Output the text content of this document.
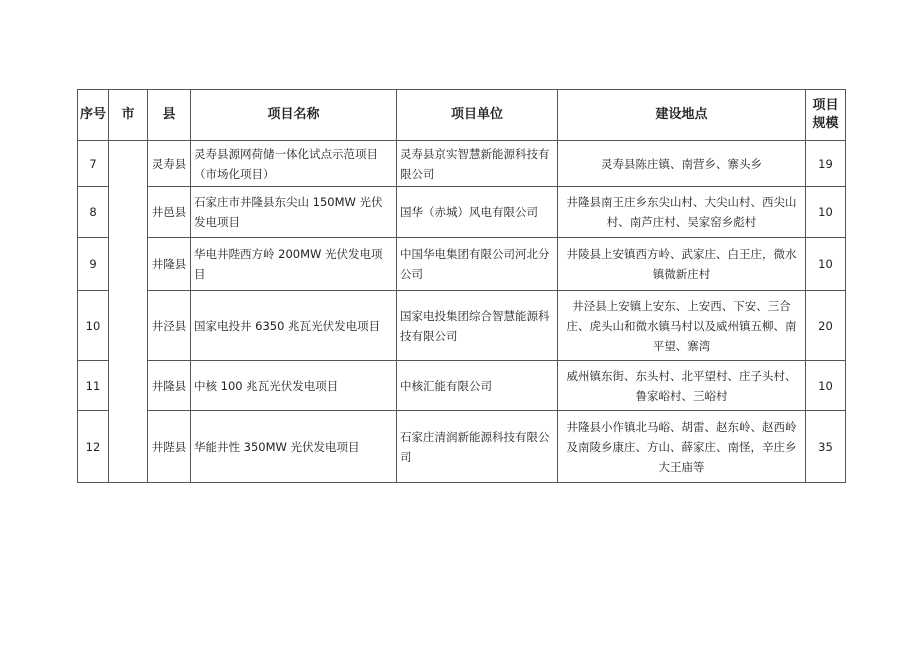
序号	市	县	项目名称	项目单位	建设地点	项目规模
7		灵寿县	灵寿县源网荷储一体化试点示范项目（市场化项目）	灵寿县京实智慧新能源科技有限公司	灵寿县陈庄镇、南营乡、寨头乡	19
8		井邑县	石家庄市井隆县东尖山 150MW 光伏发电项目	国华（赤城）风电有限公司	井隆县南王庄乡东尖山村、大尖山村、西尖山村、南芦庄村、吴家窑乡彪村	10
9		井隆县	华电井陛西方岭 200MW 光伏发电项目	中国华电集团有限公司河北分公司	井陵县上安镇西方岭、武家庄、白王庄，微水镇微新庄村	10
10		井泾县	国家电投井 6350 兆瓦光伏发电项目	国家电投集团综合智慧能源科技有限公司	井泾县上安镇上安东、上安西、下安、三合庄、虎头山和微水镇马村以及威州镇五柳、南平望、寨湾	20
11		井隆县	中核 100 兆瓦光伏发电项目	中核汇能有限公司	威州镇东街、东头村、北平望村、庄子头村、鲁家峪村、三峪村	10
12		井陛县	华能井性 350MW 光伏发电项目	石家庄清润新能源科技有限公司	井隆县小作镇北马峪、胡雷、赵东岭、赵西岭及南陵乡康庄、方山、薛家庄、南怪，辛庄乡大王庙等	35
